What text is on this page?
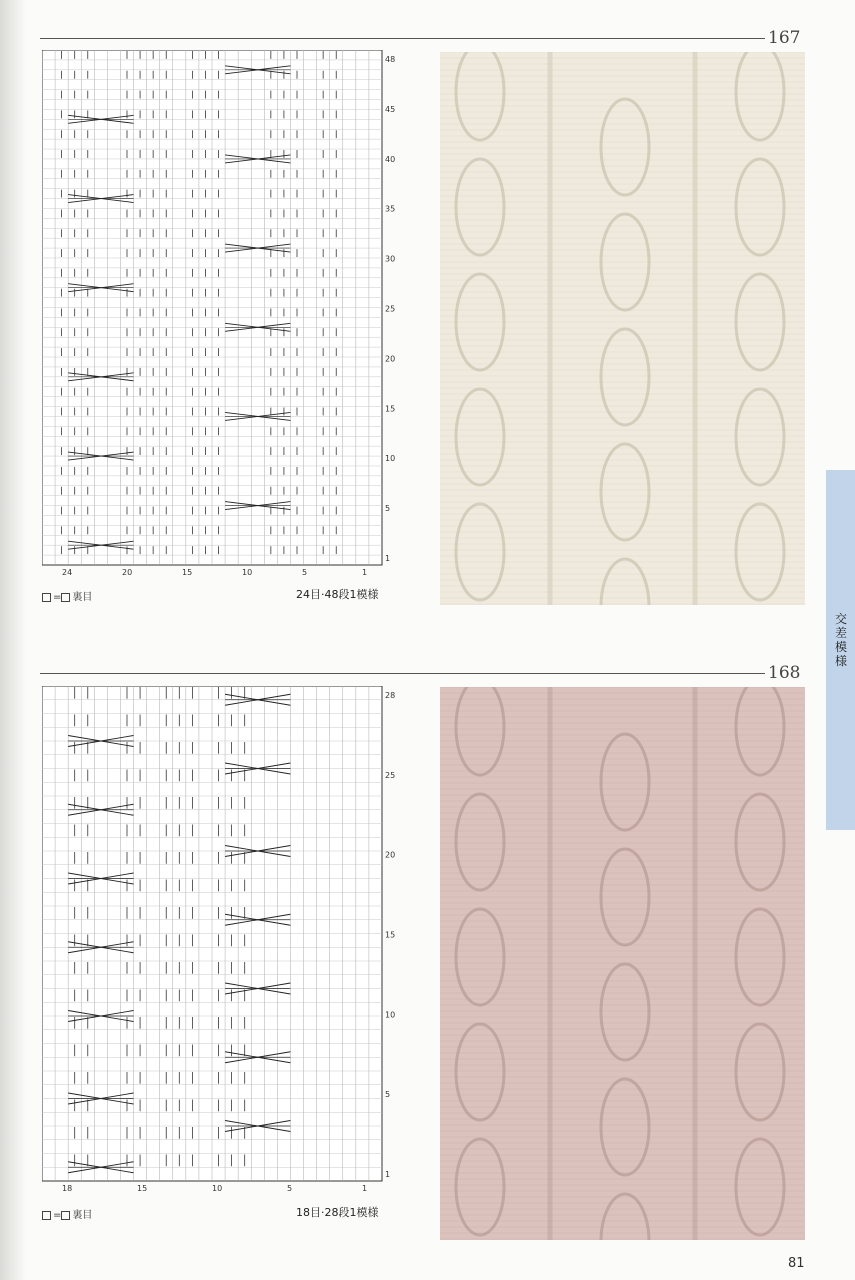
167
48
45
40
35
30
25
20
15
10
5
1
24	20	15	10	5	1
= 裏目	24目·48段1模様
168
28
25
20
15
10
5
1
18	15	10	5	1
= 裏目	18目·28段1模様
交差模様
81
